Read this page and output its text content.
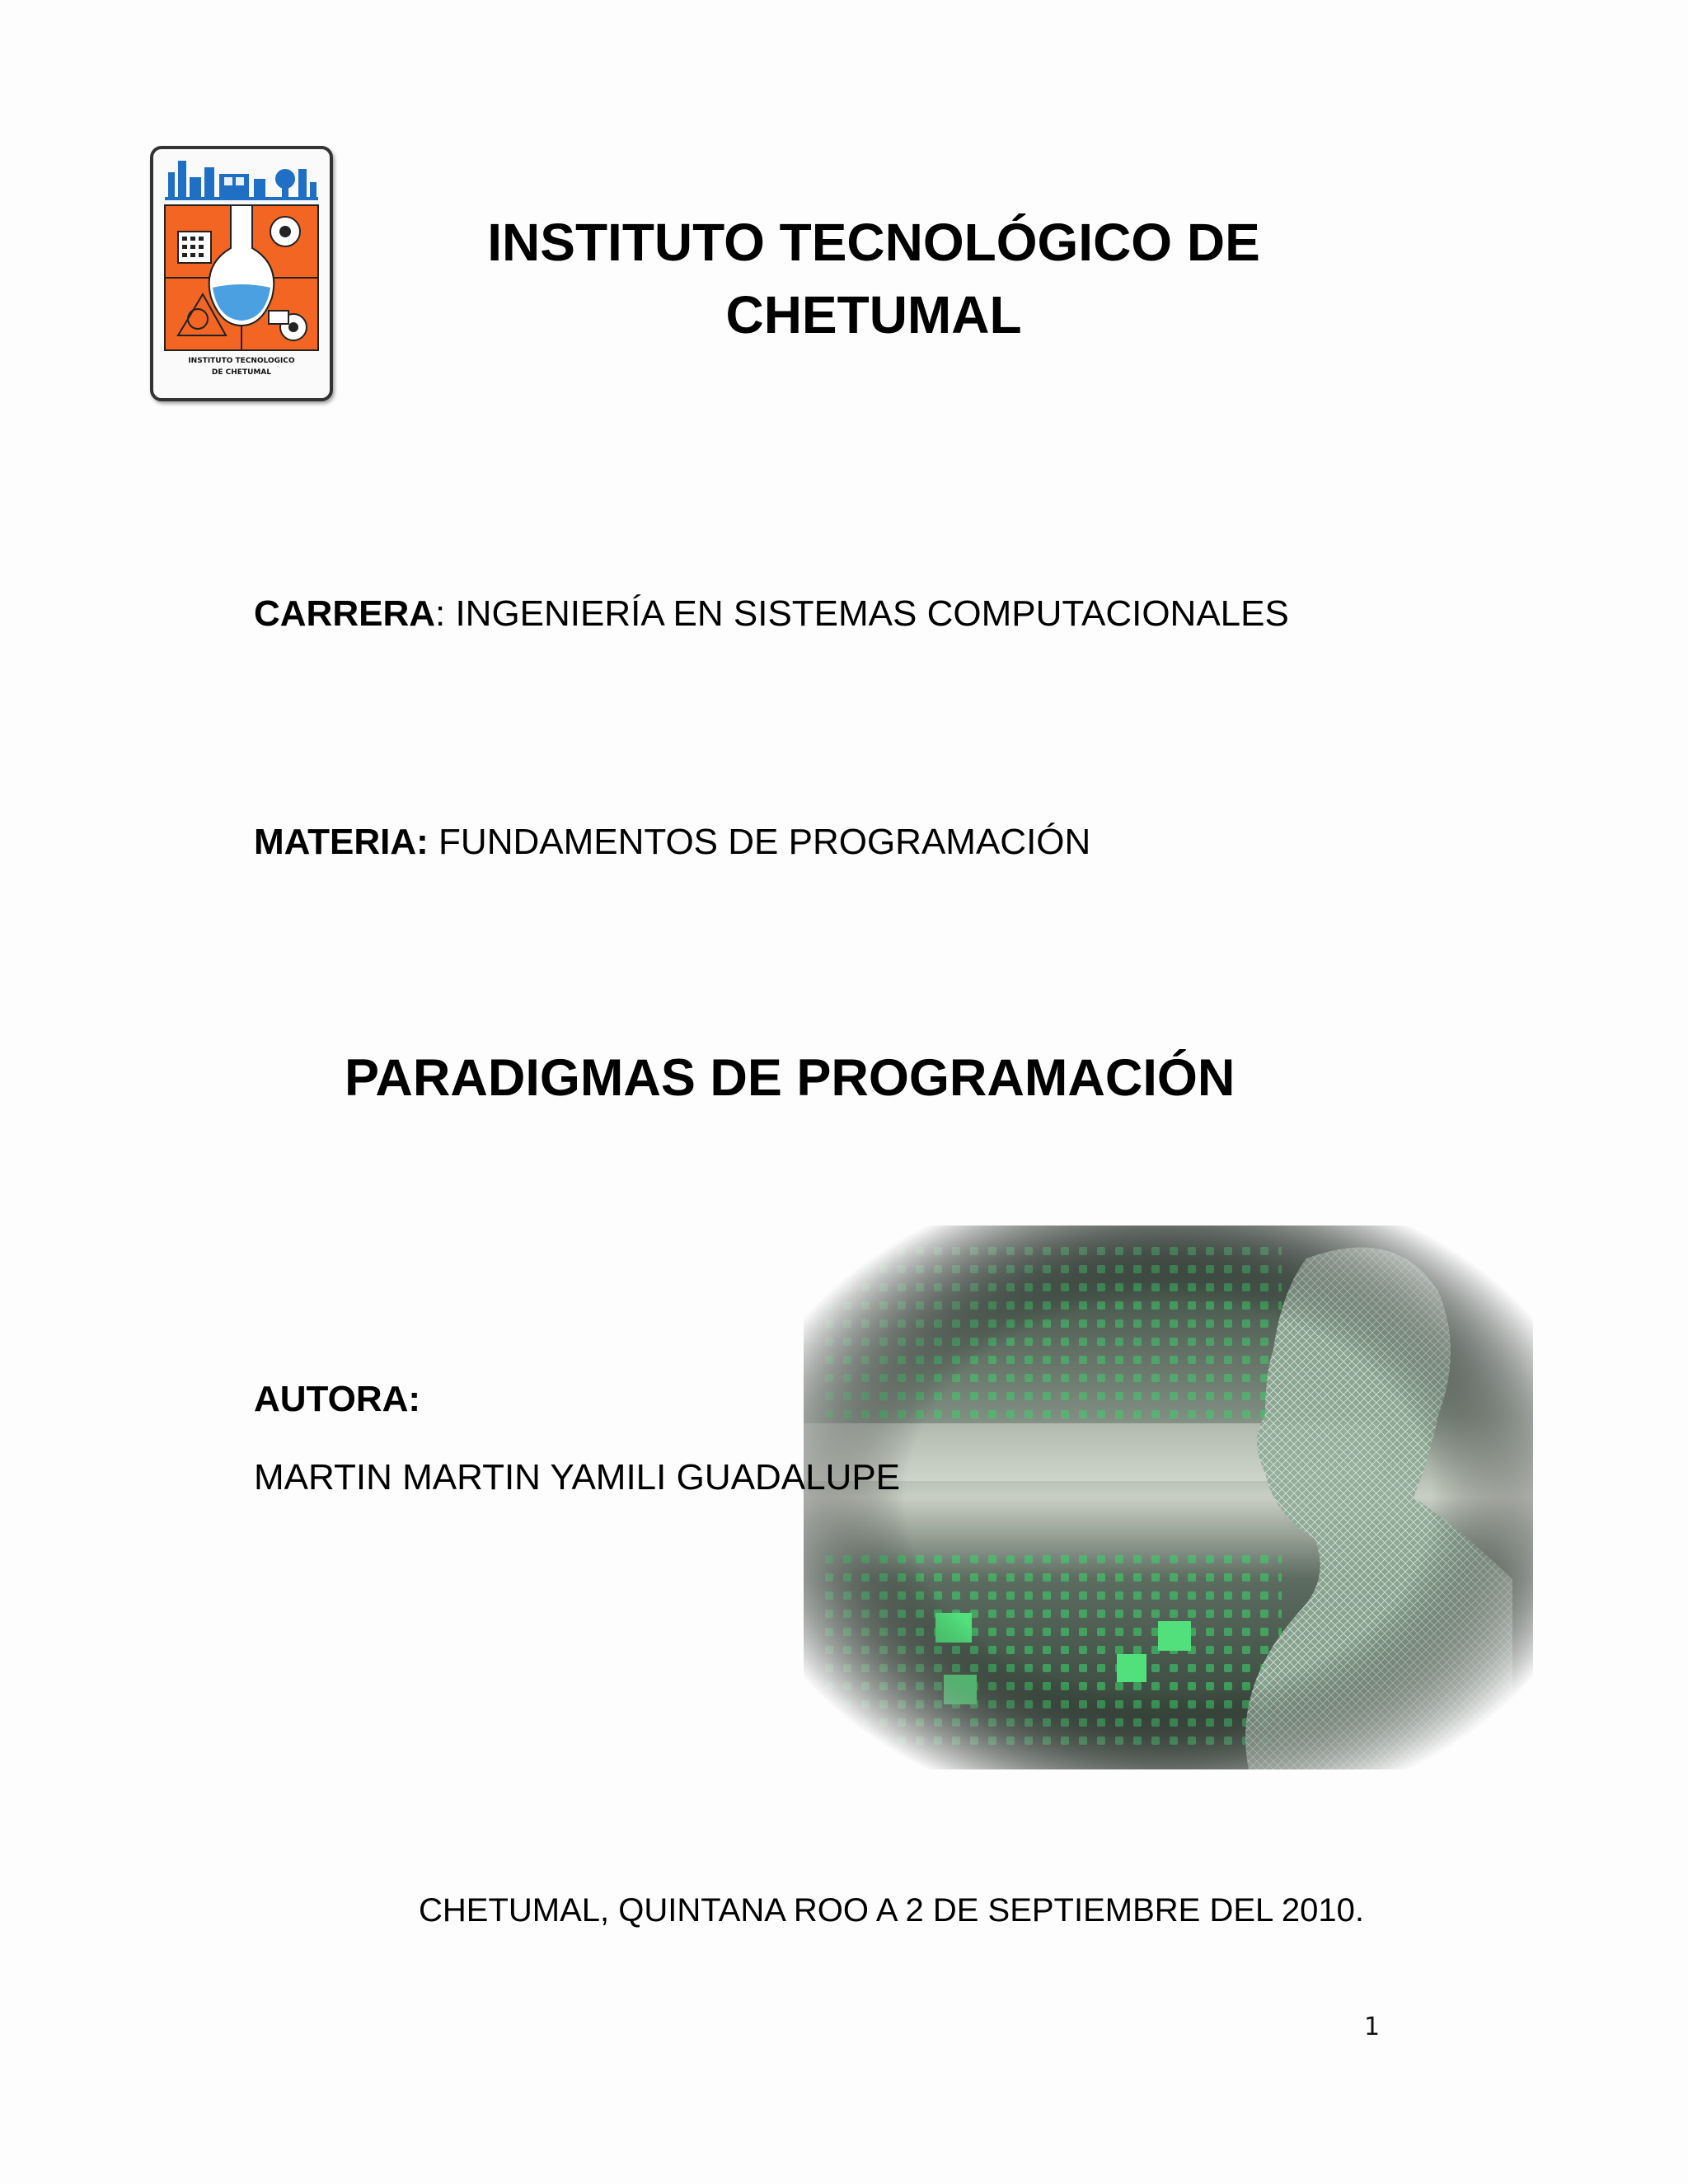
INSTITUTO TECNOLOGICO
DE CHETUMAL
INSTITUTO TECNOLÓGICO DE
CHETUMAL
CARRERA: INGENIERÍA EN SISTEMAS COMPUTACIONALES
MATERIA: FUNDAMENTOS DE PROGRAMACIÓN
PARADIGMAS DE PROGRAMACIÓN
AUTORA:
MARTIN MARTIN YAMILI GUADALUPE
CHETUMAL, QUINTANA ROO A 2 DE SEPTIEMBRE DEL 2010.
1
